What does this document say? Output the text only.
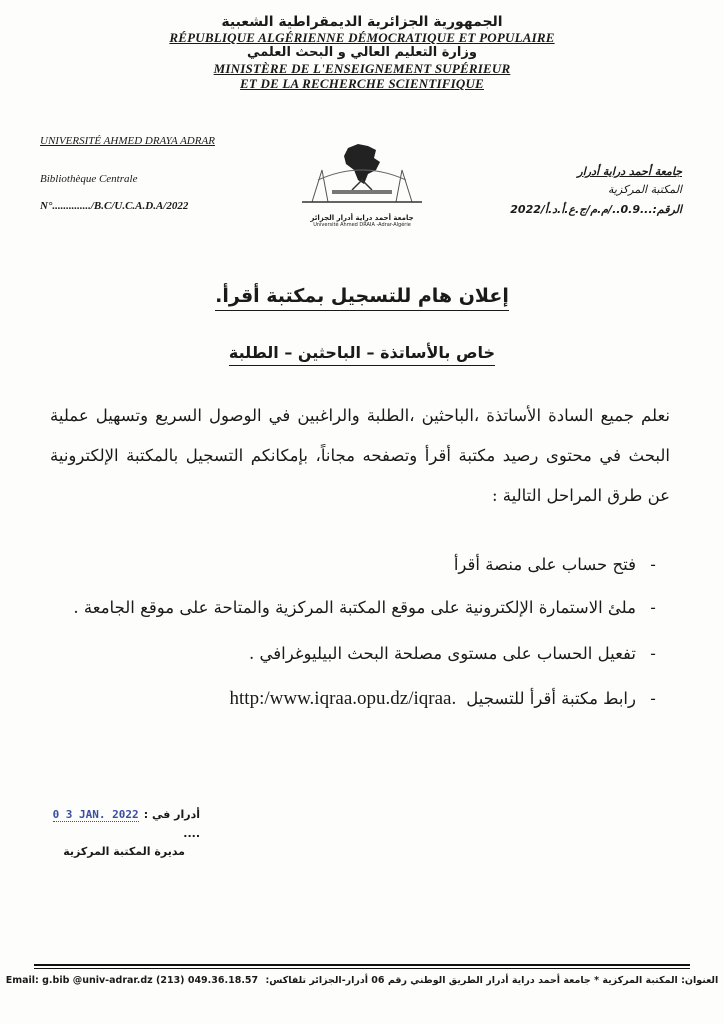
الجمهورية الجزائرية الديمقراطية الشعبية
RÉPUBLIQUE ALGÉRIENNE DÉMOCRATIQUE ET POPULAIRE
وزارة التعليم العالي و البحث العلمي
MINISTÈRE DE L'ENSEIGNEMENT SUPÉRIEUR
ET DE LA RECHERCHE SCIENTIFIQUE
UNIVERSITÉ AHMED DRAYA ADRAR
Bibliothèque Centrale
N°............../B.C/U.C.A.D.A/2022
جامعة أحمد دراية أدرار
المكتبة المركزية
الرقم:...0.9../م.م/ج.ع.أ.د.أ/2022
جامعة أحمد دراية أدرار الجزائر
Université Ahmed DRAIA -Adrar-Algérie
إعلان هام للتسجيل بمكتبة أقرأ.
خاص بالأساتذة – الباحثين – الطلبة

نعلم جميع السادة الأساتذة ،الباحثين ،الطلبة والراغبين في الوصول السريع وتسهيل عملية البحث في محتوى رصيد مكتبة أقرأ وتصفحه مجاناً، بإمكانكم التسجيل بالمكتبة الإلكترونية عن طرق المراحل التالية :

-فتح حساب على منصة أقرأ
-ملئ الاستمارة الإلكترونية على موقع المكتبة المركزية والمتاحة على موقع الجامعة .
-تفعيل الحساب على مستوى مصلحة البحث البيليوغرافي .
-رابط مكتبة أقرأ للتسجيلhttp:/www.iqraa.opu.dz/iqraa.
0 3 JAN. 2022 أدرار في : ....
مديرة المكتبة المركزية
Email: g.bib @univ-adrar.dz (213) 049.36.18.57 العنوان: المكتبة المركزية * جامعة أحمد دراية أدرار الطريق الوطني رقم 06 أدرار-الجزائر تلفاكس:
